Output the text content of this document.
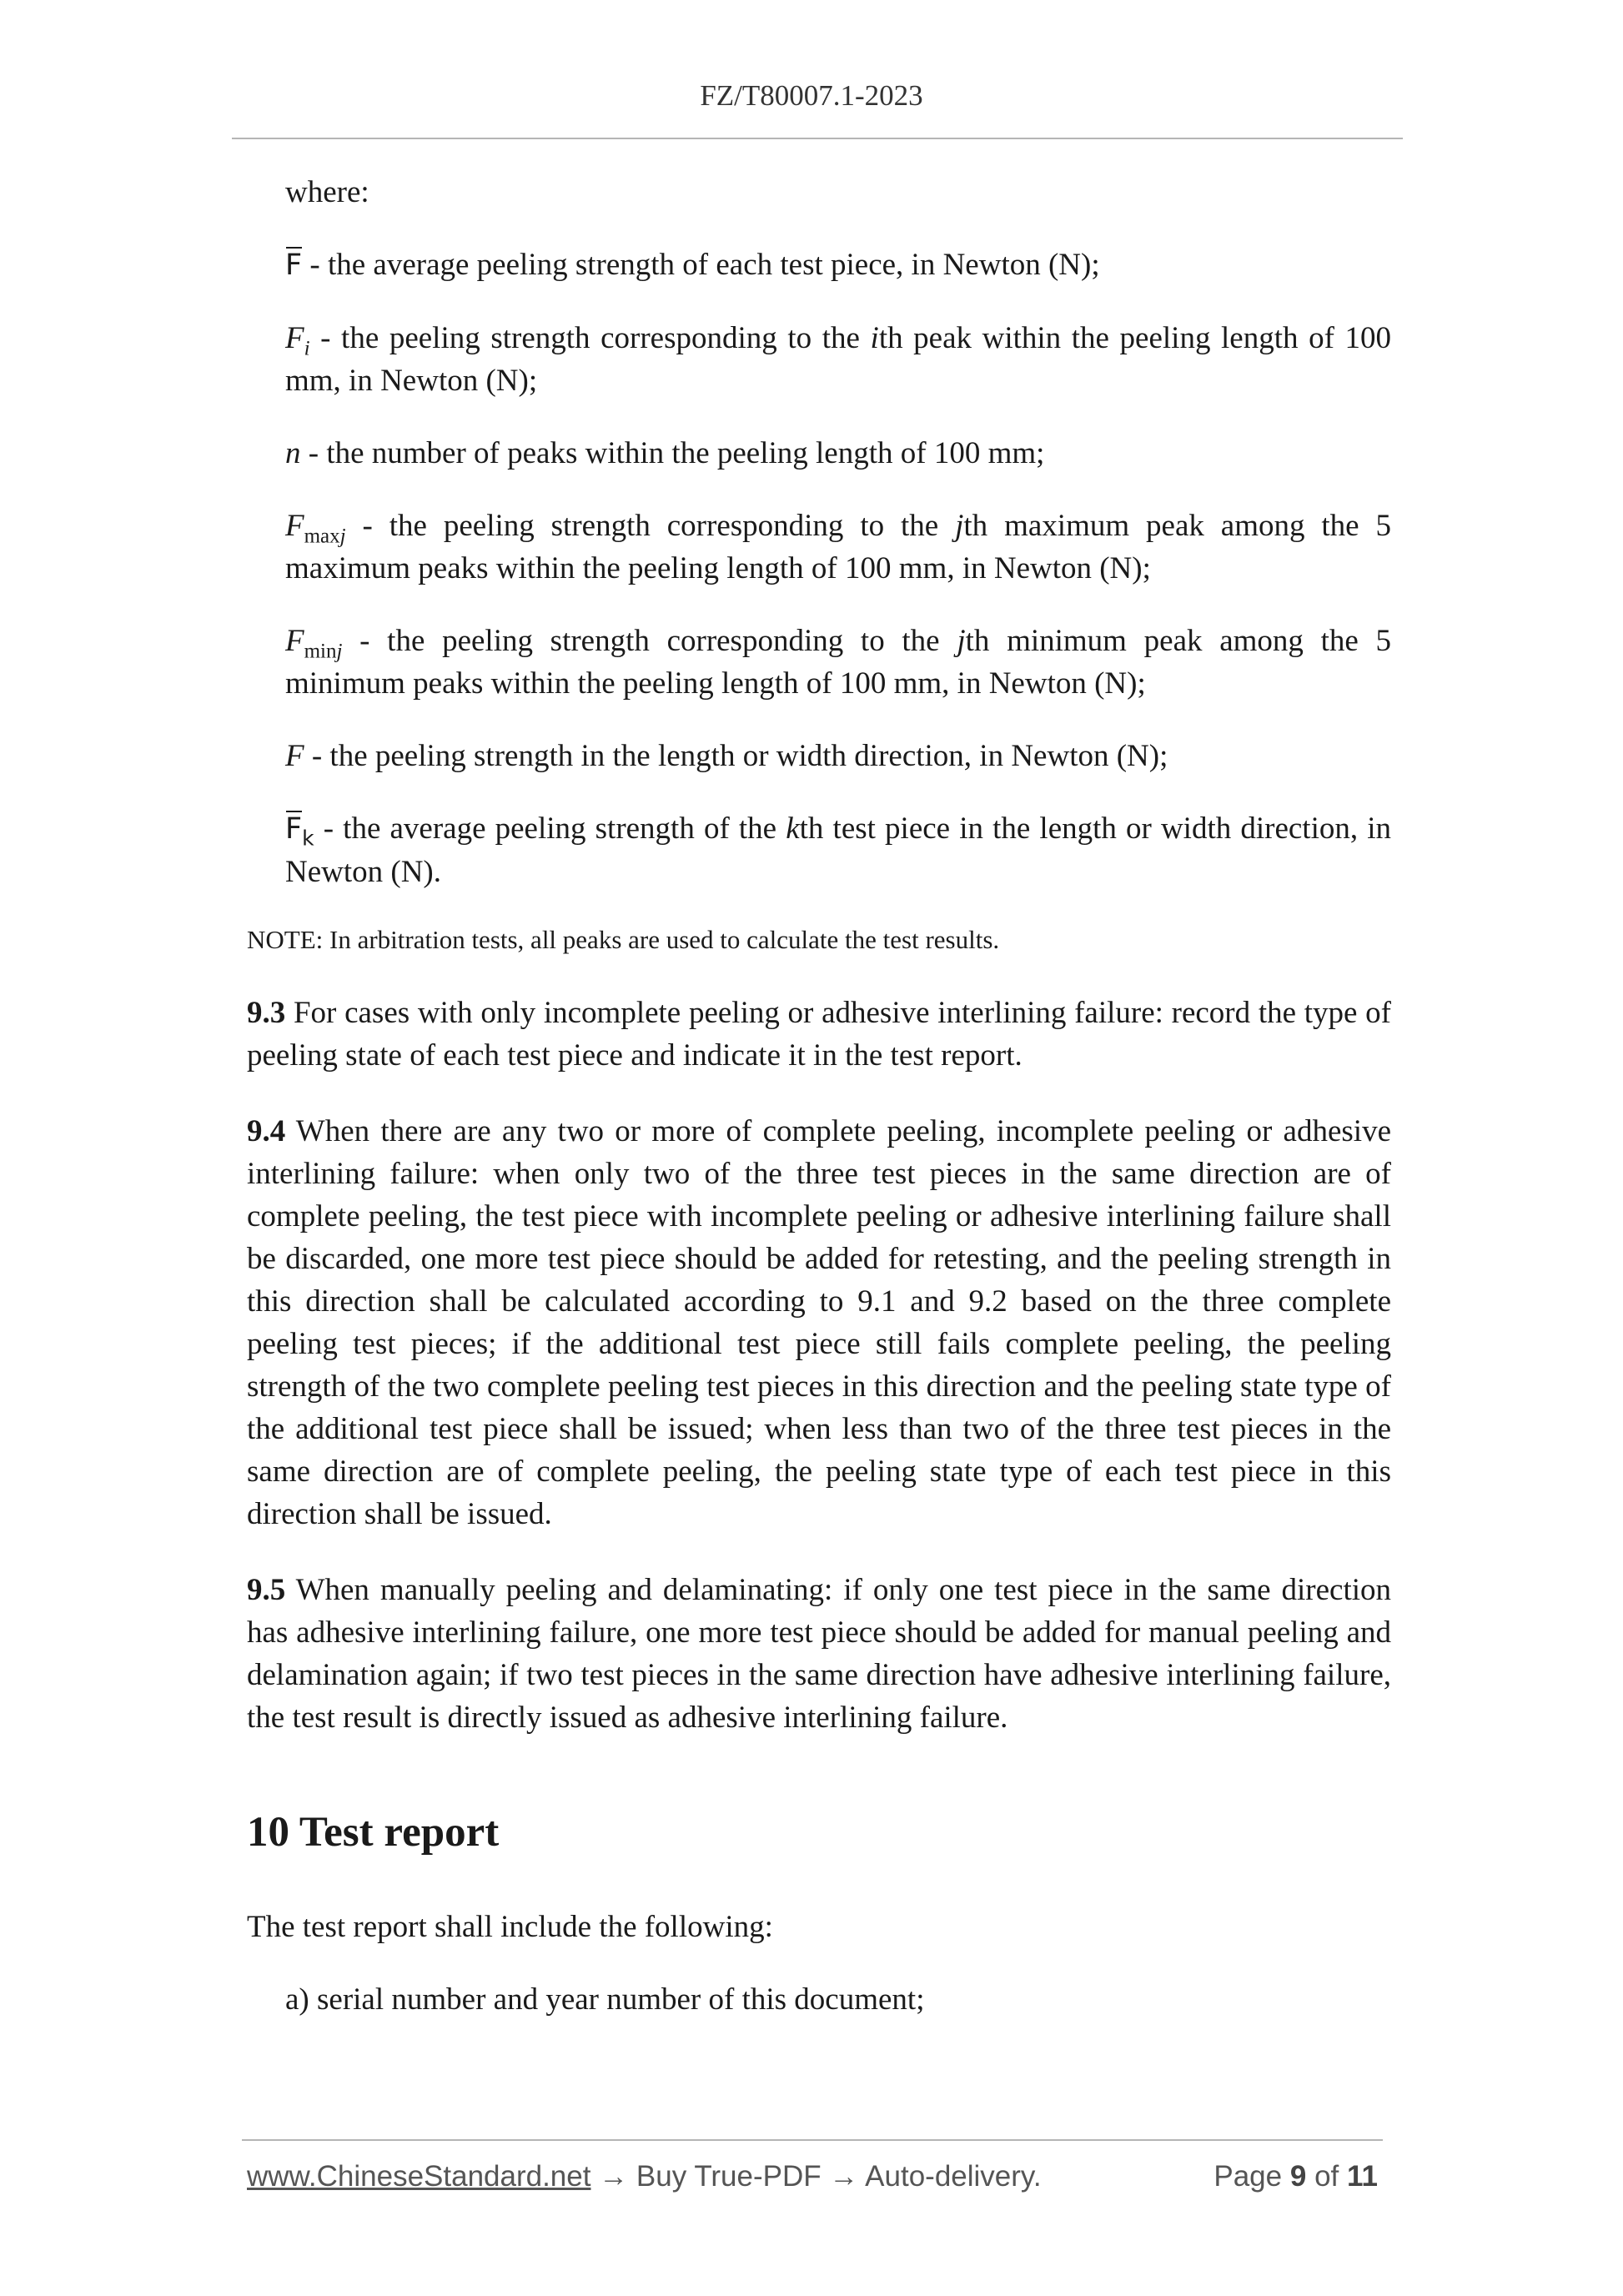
FZ/T80007.1-2023

where:

F - the average peeling strength of each test piece, in Newton (N);

$F_i$ - the peeling strength corresponding to the ith peak within the peeling length of 100 mm, in Newton (N);

n - the number of peaks within the peeling length of 100 mm;

$F_{maxj}$ - the peeling strength corresponding to the jth maximum peak among the 5 maximum peaks within the peeling length of 100 mm, in Newton (N);

$F_{minj}$ - the peeling strength corresponding to the jth minimum peak among the 5 minimum peaks within the peeling length of 100 mm, in Newton (N);

F - the peeling strength in the length or width direction, in Newton (N);

$F_k$ - the average peeling strength of the kth test piece in the length or width direction, in Newton (N).

NOTE: In arbitration tests, all peaks are used to calculate the test results.

9.3 For cases with only incomplete peeling or adhesive interlining failure: record the type of peeling state of each test piece and indicate it in the test report.

9.4 When there are any two or more of complete peeling, incomplete peeling or adhesive interlining failure: when only two of the three test pieces in the same direction are of complete peeling, the test piece with incomplete peeling or adhesive interlining failure shall be discarded, one more test piece should be added for retesting, and the peeling strength in this direction shall be calculated according to 9.1 and 9.2 based on the three complete peeling test pieces; if the additional test piece still fails complete peeling, the peeling strength of the two complete peeling test pieces in this direction and the peeling state type of the additional test piece shall be issued; when less than two of the three test pieces in the same direction are of complete peeling, the peeling state type of each test piece in this direction shall be issued.

9.5 When manually peeling and delaminating: if only one test piece in the same direction has adhesive interlining failure, one more test piece should be added for manual peeling and delamination again; if two test pieces in the same direction have adhesive interlining failure, the test result is directly issued as adhesive interlining failure.

10 Test report

The test report shall include the following:

a) serial number and year number of this document;

www.ChineseStandard.net → Buy True-PDF → Auto-delivery.	Page 9 of 11
